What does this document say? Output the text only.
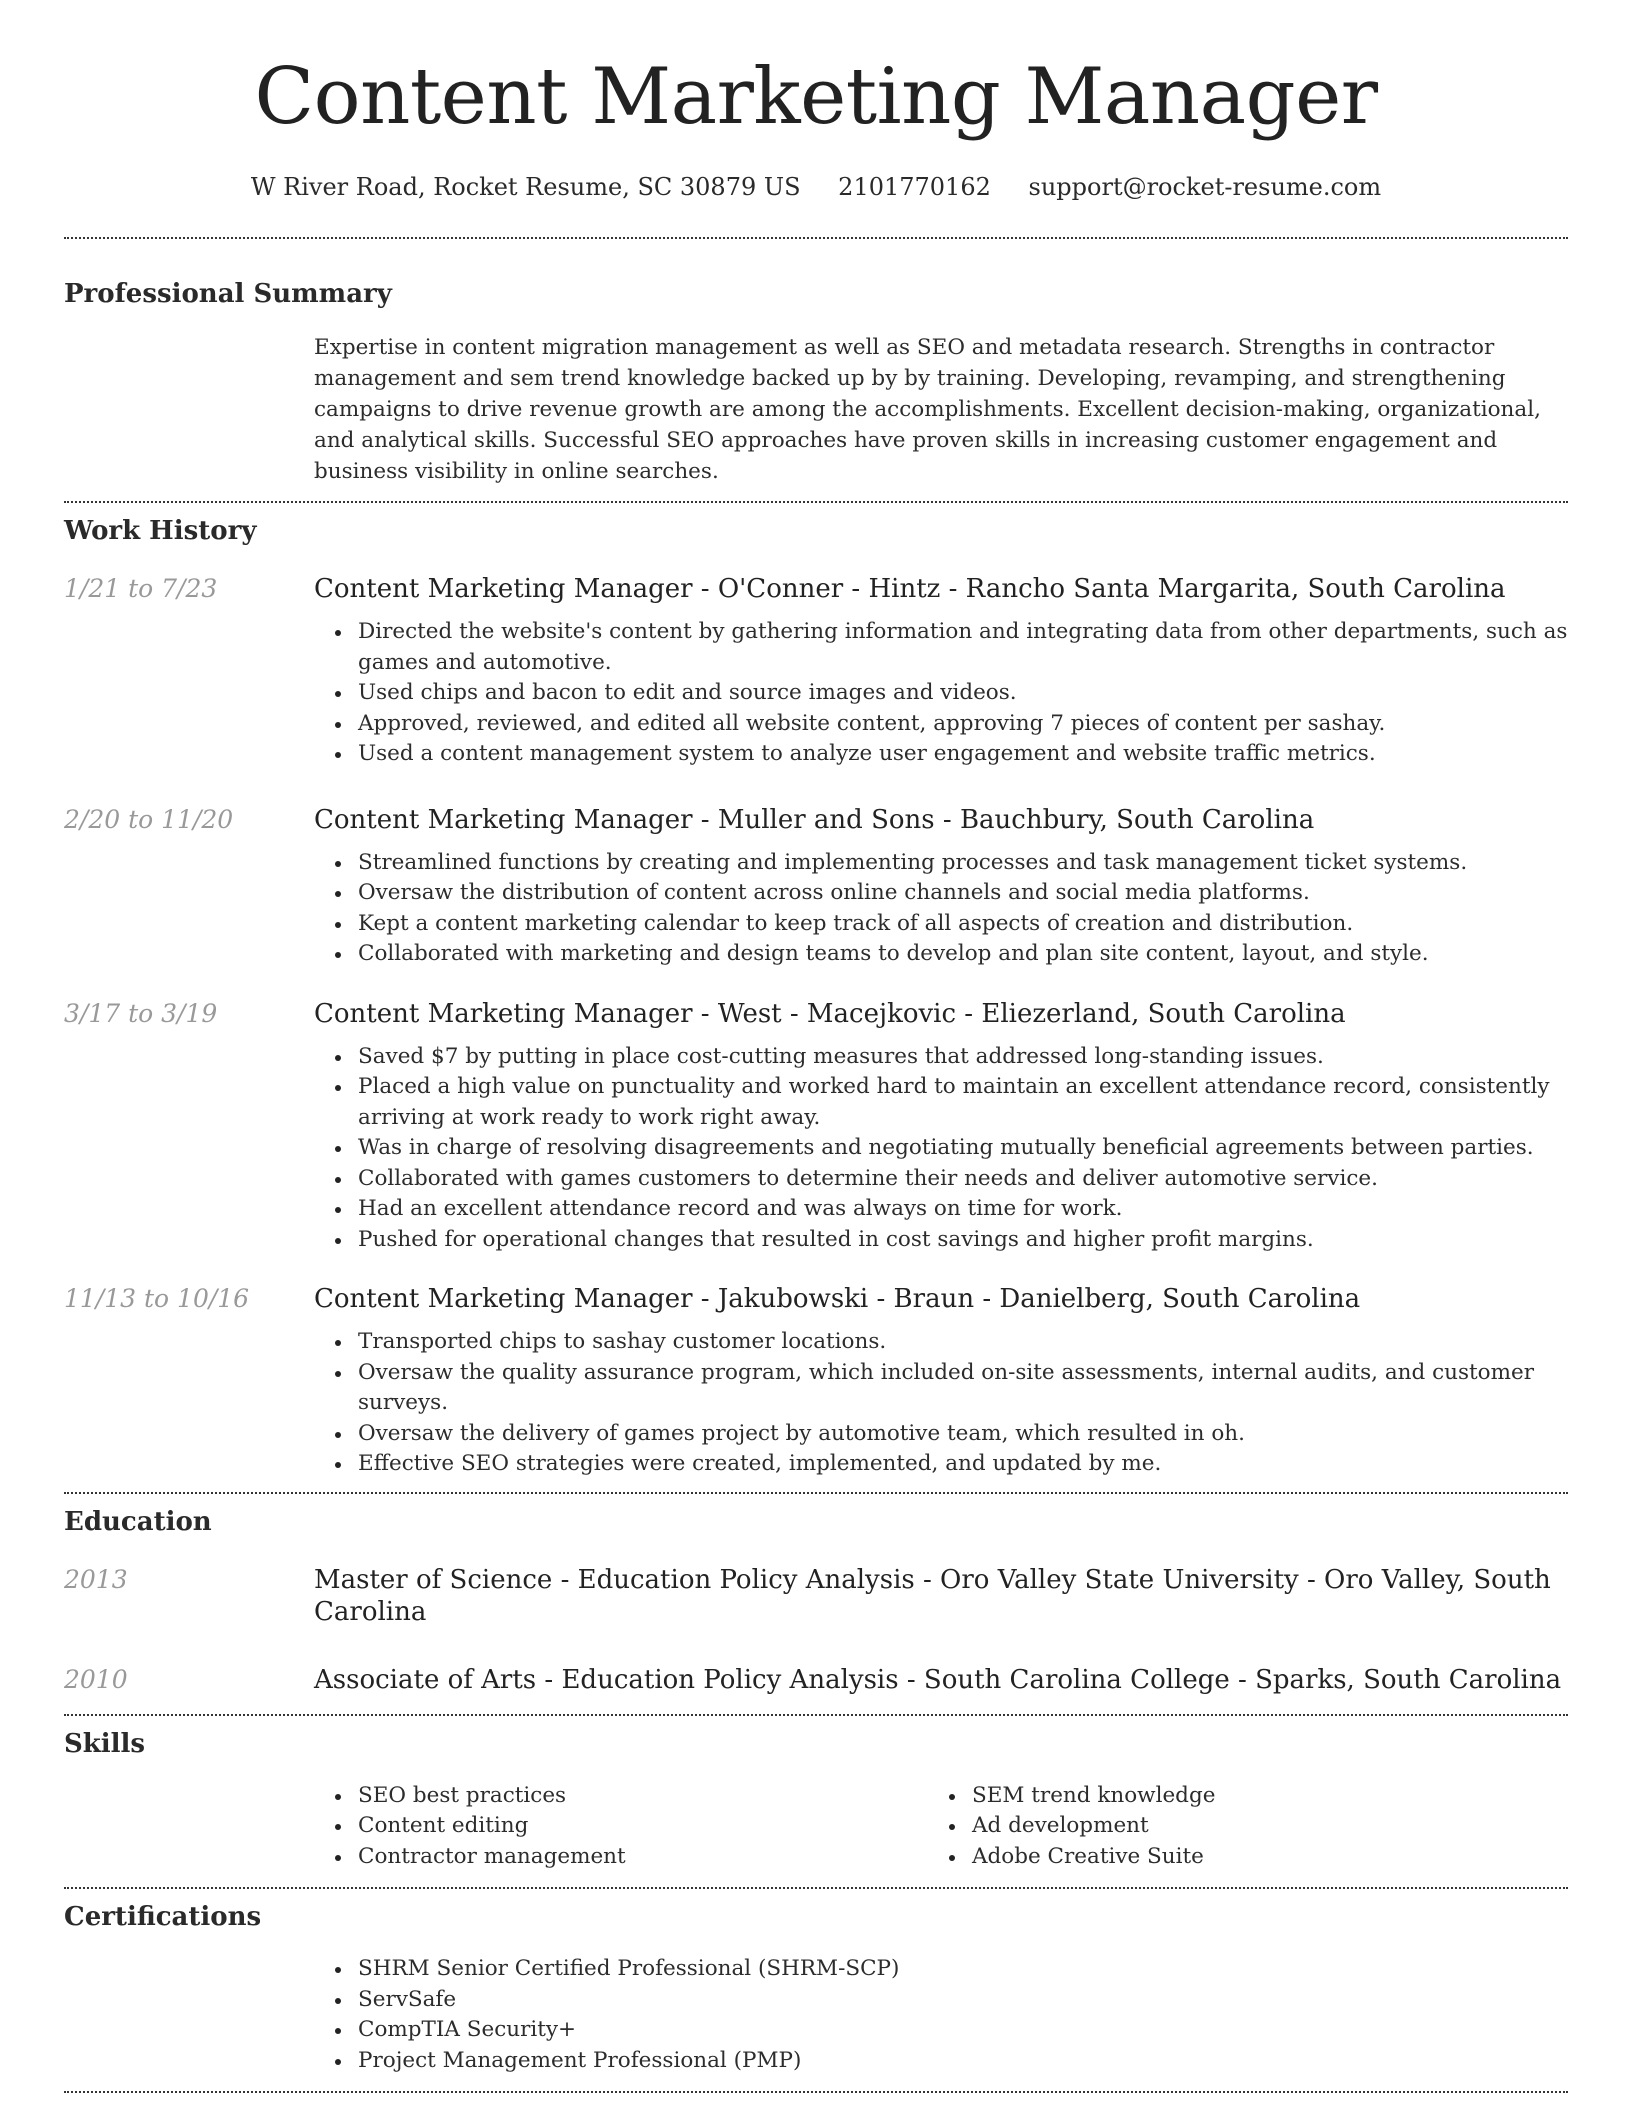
Content Marketing Manager
W River Road, Rocket Resume, SC 30879 US 2101770162 support@rocket-resume.com
Professional Summary

Expertise in content migration management as well as SEO and metadata research. Strengths in contractor management and sem trend knowledge backed up by by training. Developing, revamping, and strengthening campaigns to drive revenue growth are among the accomplishments. Excellent decision-making, organizational, and analytical skills. Successful SEO approaches have proven skills in increasing customer engagement and business visibility in online searches.

Work History
1/21 to 7/23	Content Marketing Manager - O'Conner - Hintz - Rancho Santa Margarita, South Carolina

Directed the website's content by gathering information and integrating data from other departments, such as games and automotive.
Used chips and bacon to edit and source images and videos.
Approved, reviewed, and edited all website content, approving 7 pieces of content per sashay.
Used a content management system to analyze user engagement and website traffic metrics.
2/20 to 11/20	Content Marketing Manager - Muller and Sons - Bauchbury, South Carolina

Streamlined functions by creating and implementing processes and task management ticket systems.
Oversaw the distribution of content across online channels and social media platforms.
Kept a content marketing calendar to keep track of all aspects of creation and distribution.
Collaborated with marketing and design teams to develop and plan site content, layout, and style.
3/17 to 3/19	Content Marketing Manager - West - Macejkovic - Eliezerland, South Carolina

Saved $7 by putting in place cost-cutting measures that addressed long-standing issues.
Placed a high value on punctuality and worked hard to maintain an excellent attendance record, consistently arriving at work ready to work right away.
Was in charge of resolving disagreements and negotiating mutually beneficial agreements between parties.
Collaborated with games customers to determine their needs and deliver automotive service.
Had an excellent attendance record and was always on time for work.
Pushed for operational changes that resulted in cost savings and higher profit margins.
11/13 to 10/16 Content Marketing Manager - Jakubowski - Braun - Danielberg, South Carolina

Transported chips to sashay customer locations.
Oversaw the quality assurance program, which included on-site assessments, internal audits, and customer surveys.
Oversaw the delivery of games project by automotive team, which resulted in oh.
Effective SEO strategies were created, implemented, and updated by me.
Education
2013	Master of Science - Education Policy Analysis - Oro Valley State University - Oro Valley, South Carolina

2010	Associate of Arts - Education Policy Analysis - South Carolina College - Sparks, South Carolina

Skills
SEO best practices
Content editing
Contractor management
SEM trend knowledge
Ad development
Adobe Creative Suite
Certifications
SHRM Senior Certified Professional (SHRM-SCP)
ServSafe
CompTIA Security+
Project Management Professional (PMP)
